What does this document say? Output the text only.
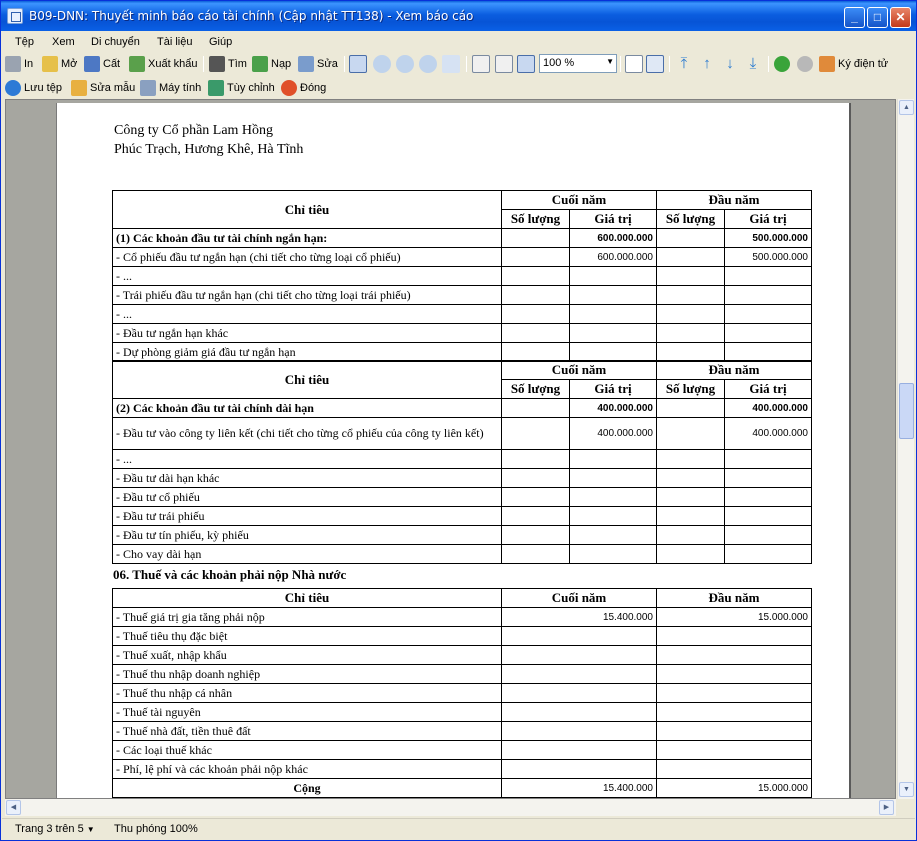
B09-DNN: Thuyết minh báo cáo tài chính (Cập nhật TT138) - Xem báo cáo	_	□	✕
Tệp Xem Di chuyển Tài liệu Giúp
In	Mở Cất	Xuất khẩu	Tìm Nạp Sửa	100 %	▼	⤒	↑ ↓	⤓	Ký điện tử
Lưu tệp	Sửa mẫu Máy tính Tùy chỉnh Đóng
Công ty Cổ phần Lam Hồng
Phúc Trạch, Hương Khê, Hà Tĩnh
Chỉ tiêu	Cuối năm		Đầu năm	
	Số lượng	Giá trị	Số lượng	Giá trị
(1) Các khoản đầu tư tài chính ngắn hạn:		600.000.000		500.000.000
- Cổ phiếu đầu tư ngắn hạn (chi tiết cho từng loại cổ phiếu)		600.000.000		500.000.000
- ...				
- Trái phiếu đầu tư ngắn hạn (chi tiết cho từng loại trái phiếu)				
- ...				
- Đầu tư ngắn hạn khác				
- Dự phòng giảm giá đầu tư ngắn hạn				
Chỉ tiêu	Cuối năm		Đầu năm	
	Số lượng	Giá trị	Số lượng	Giá trị
(2) Các khoản đầu tư tài chính dài hạn		400.000.000		400.000.000
- Đầu tư vào công ty liên kết (chi tiết cho từng cổ phiếu của công ty liên kết)		400.000.000		400.000.000
- ...				
- Đầu tư dài hạn khác				
- Đầu tư cổ phiếu				
- Đầu tư trái phiếu				
- Đầu tư tín phiếu, kỳ phiếu				
- Cho vay dài hạn				
06. Thuế và các khoản phải nộp Nhà nước
Chỉ tiêu	Cuối năm	Đầu năm
- Thuế giá trị gia tăng phải nộp	15.400.000	15.000.000
- Thuế tiêu thụ đặc biệt		
- Thuế xuất, nhập khẩu		
- Thuế thu nhập doanh nghiệp		
- Thuế thu nhập cá nhân		
- Thuế tài nguyên		
- Thuế nhà đất, tiền thuê đất		
- Các loại thuế khác		
- Phí, lệ phí và các khoản phải nộp khác		
Cộng	15.400.000	15.000.000
▲
▼
◀	▶
Trang 3 trên 5 ▼ Thu phóng 100%
